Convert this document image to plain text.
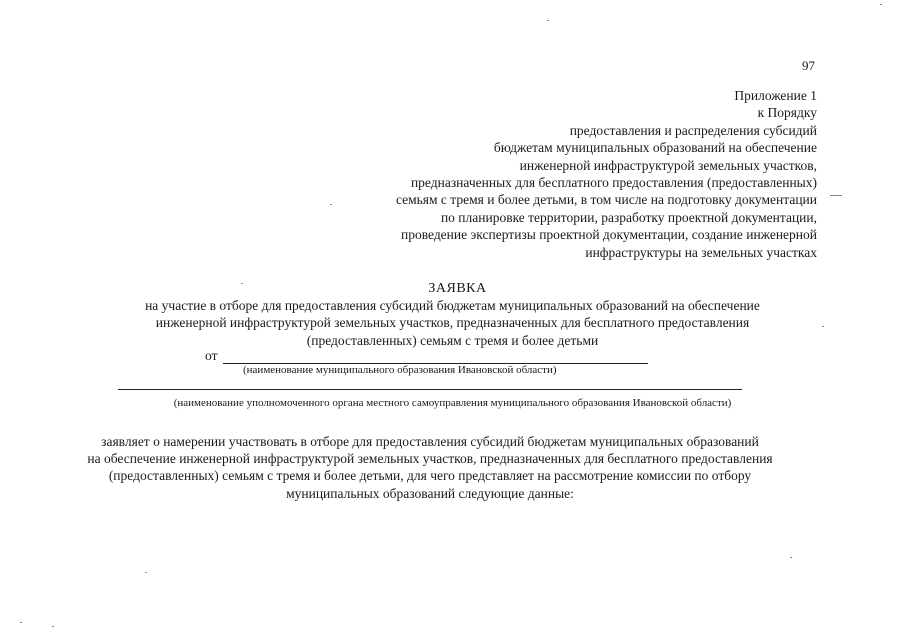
97
Приложение 1
к Порядку
предоставления и распределения субсидий
бюджетам муниципальных образований на обеспечение
инженерной инфраструктурой земельных участков,
предназначенных для бесплатного предоставления (предоставленных)
семьям с тремя и более детьми, в том числе на подготовку документации
по планировке территории, разработку проектной документации,
проведение экспертизы проектной документации, создание инженерной
инфраструктуры на земельных участках
ЗАЯВКА
на участие в отборе для предоставления субсидий бюджетам муниципальных образований на обеспечение
инженерной инфраструктурой земельных участков, предназначенных для бесплатного предоставления
(предоставленных) семьям с тремя и более детьми
от
(наименование муниципального образования Ивановской области)
(наименование уполномоченного органа местного самоуправления муниципального образования Ивановской области)
заявляет о намерении участвовать в отборе для предоставления субсидий бюджетам муниципальных образований
на обеспечение инженерной инфраструктурой земельных участков, предназначенных для бесплатного предоставления
(предоставленных) семьям с тремя и более детьми, для чего представляет на рассмотрение комиссии по отбору
муниципальных образований следующие данные:
